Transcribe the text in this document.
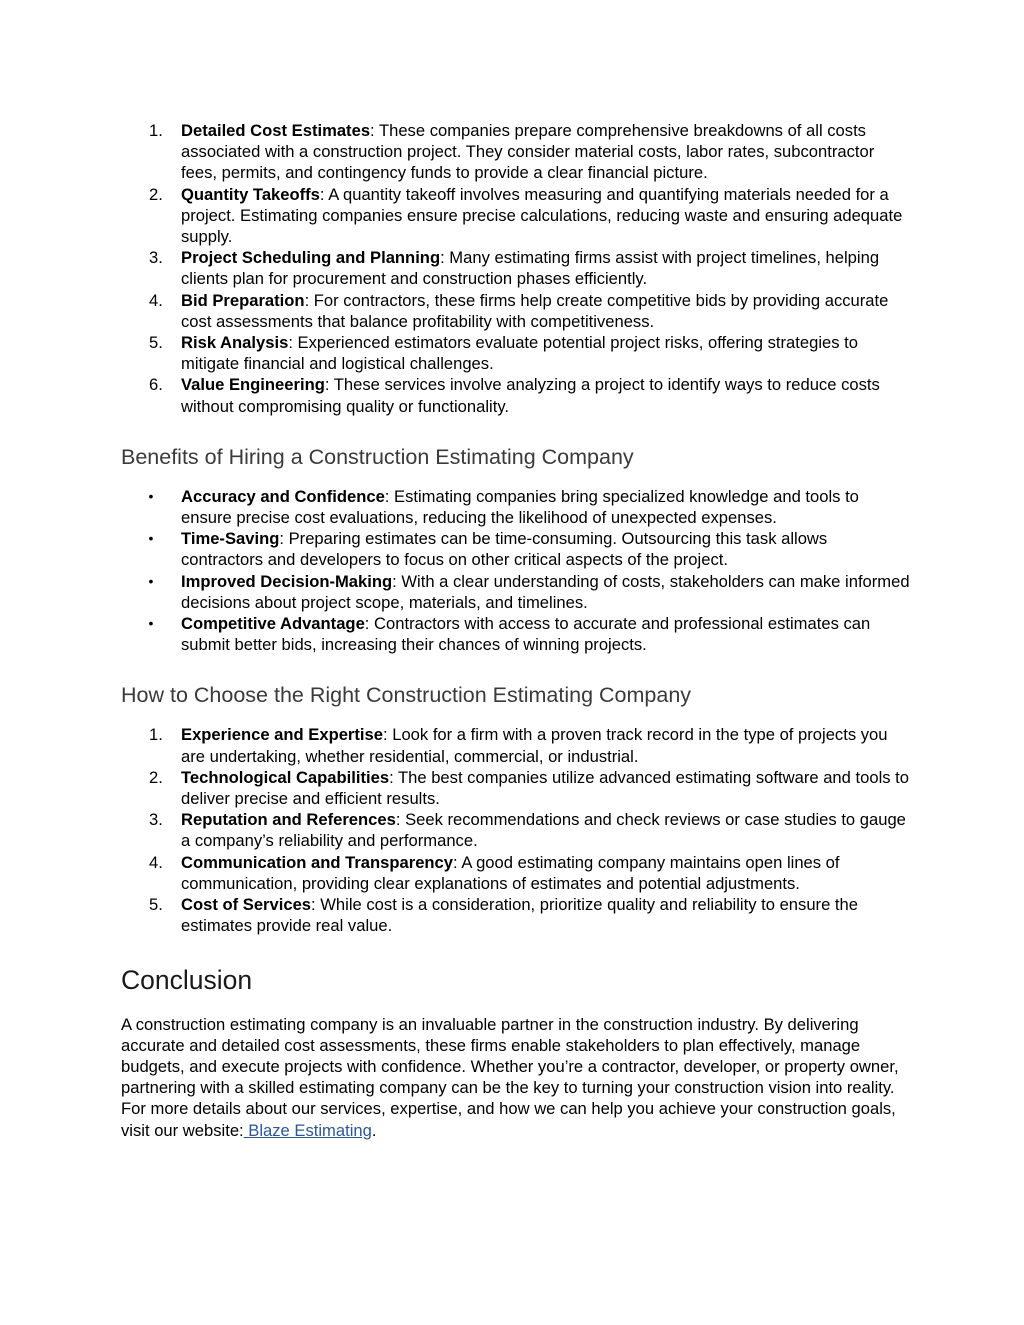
1.	Detailed Cost Estimates: These companies prepare comprehensive breakdowns of all costs associated with a construction project. They consider material costs, labor rates, subcontractor fees, permits, and contingency funds to provide a clear financial picture.
2.	Quantity Takeoffs: A quantity takeoff involves measuring and quantifying materials needed for a project. Estimating companies ensure precise calculations, reducing waste and ensuring adequate supply.
3.	Project Scheduling and Planning: Many estimating firms assist with project timelines, helping clients plan for procurement and construction phases efficiently.
4.	Bid Preparation: For contractors, these firms help create competitive bids by providing accurate cost assessments that balance profitability with competitiveness.
5.	Risk Analysis: Experienced estimators evaluate potential project risks, offering strategies to mitigate financial and logistical challenges.
6.	Value Engineering: These services involve analyzing a project to identify ways to reduce costs without compromising quality or functionality.
Benefits of Hiring a Construction Estimating Company
•	Accuracy and Confidence: Estimating companies bring specialized knowledge and tools to ensure precise cost evaluations, reducing the likelihood of unexpected expenses.
•	Time-Saving: Preparing estimates can be time-consuming. Outsourcing this task allows contractors and developers to focus on other critical aspects of the project.
•	Improved Decision-Making: With a clear understanding of costs, stakeholders can make informed decisions about project scope, materials, and timelines.
•	Competitive Advantage: Contractors with access to accurate and professional estimates can submit better bids, increasing their chances of winning projects.
How to Choose the Right Construction Estimating Company
1.	Experience and Expertise: Look for a firm with a proven track record in the type of projects you are undertaking, whether residential, commercial, or industrial.
2.	Technological Capabilities: The best companies utilize advanced estimating software and tools to deliver precise and efficient results.
3.	Reputation and References: Seek recommendations and check reviews or case studies to gauge a company’s reliability and performance.
4.	Communication and Transparency: A good estimating company maintains open lines of communication, providing clear explanations of estimates and potential adjustments.
5.	Cost of Services: While cost is a consideration, prioritize quality and reliability to ensure the estimates provide real value.
Conclusion

A construction estimating company is an invaluable partner in the construction industry. By delivering accurate and detailed cost assessments, these firms enable stakeholders to plan effectively, manage budgets, and execute projects with confidence. Whether you’re a contractor, developer, or property owner, partnering with a skilled estimating company can be the key to turning your construction vision into reality. For more details about our services, expertise, and how we can help you achieve your construction goals, visit our website: Blaze Estimating.
